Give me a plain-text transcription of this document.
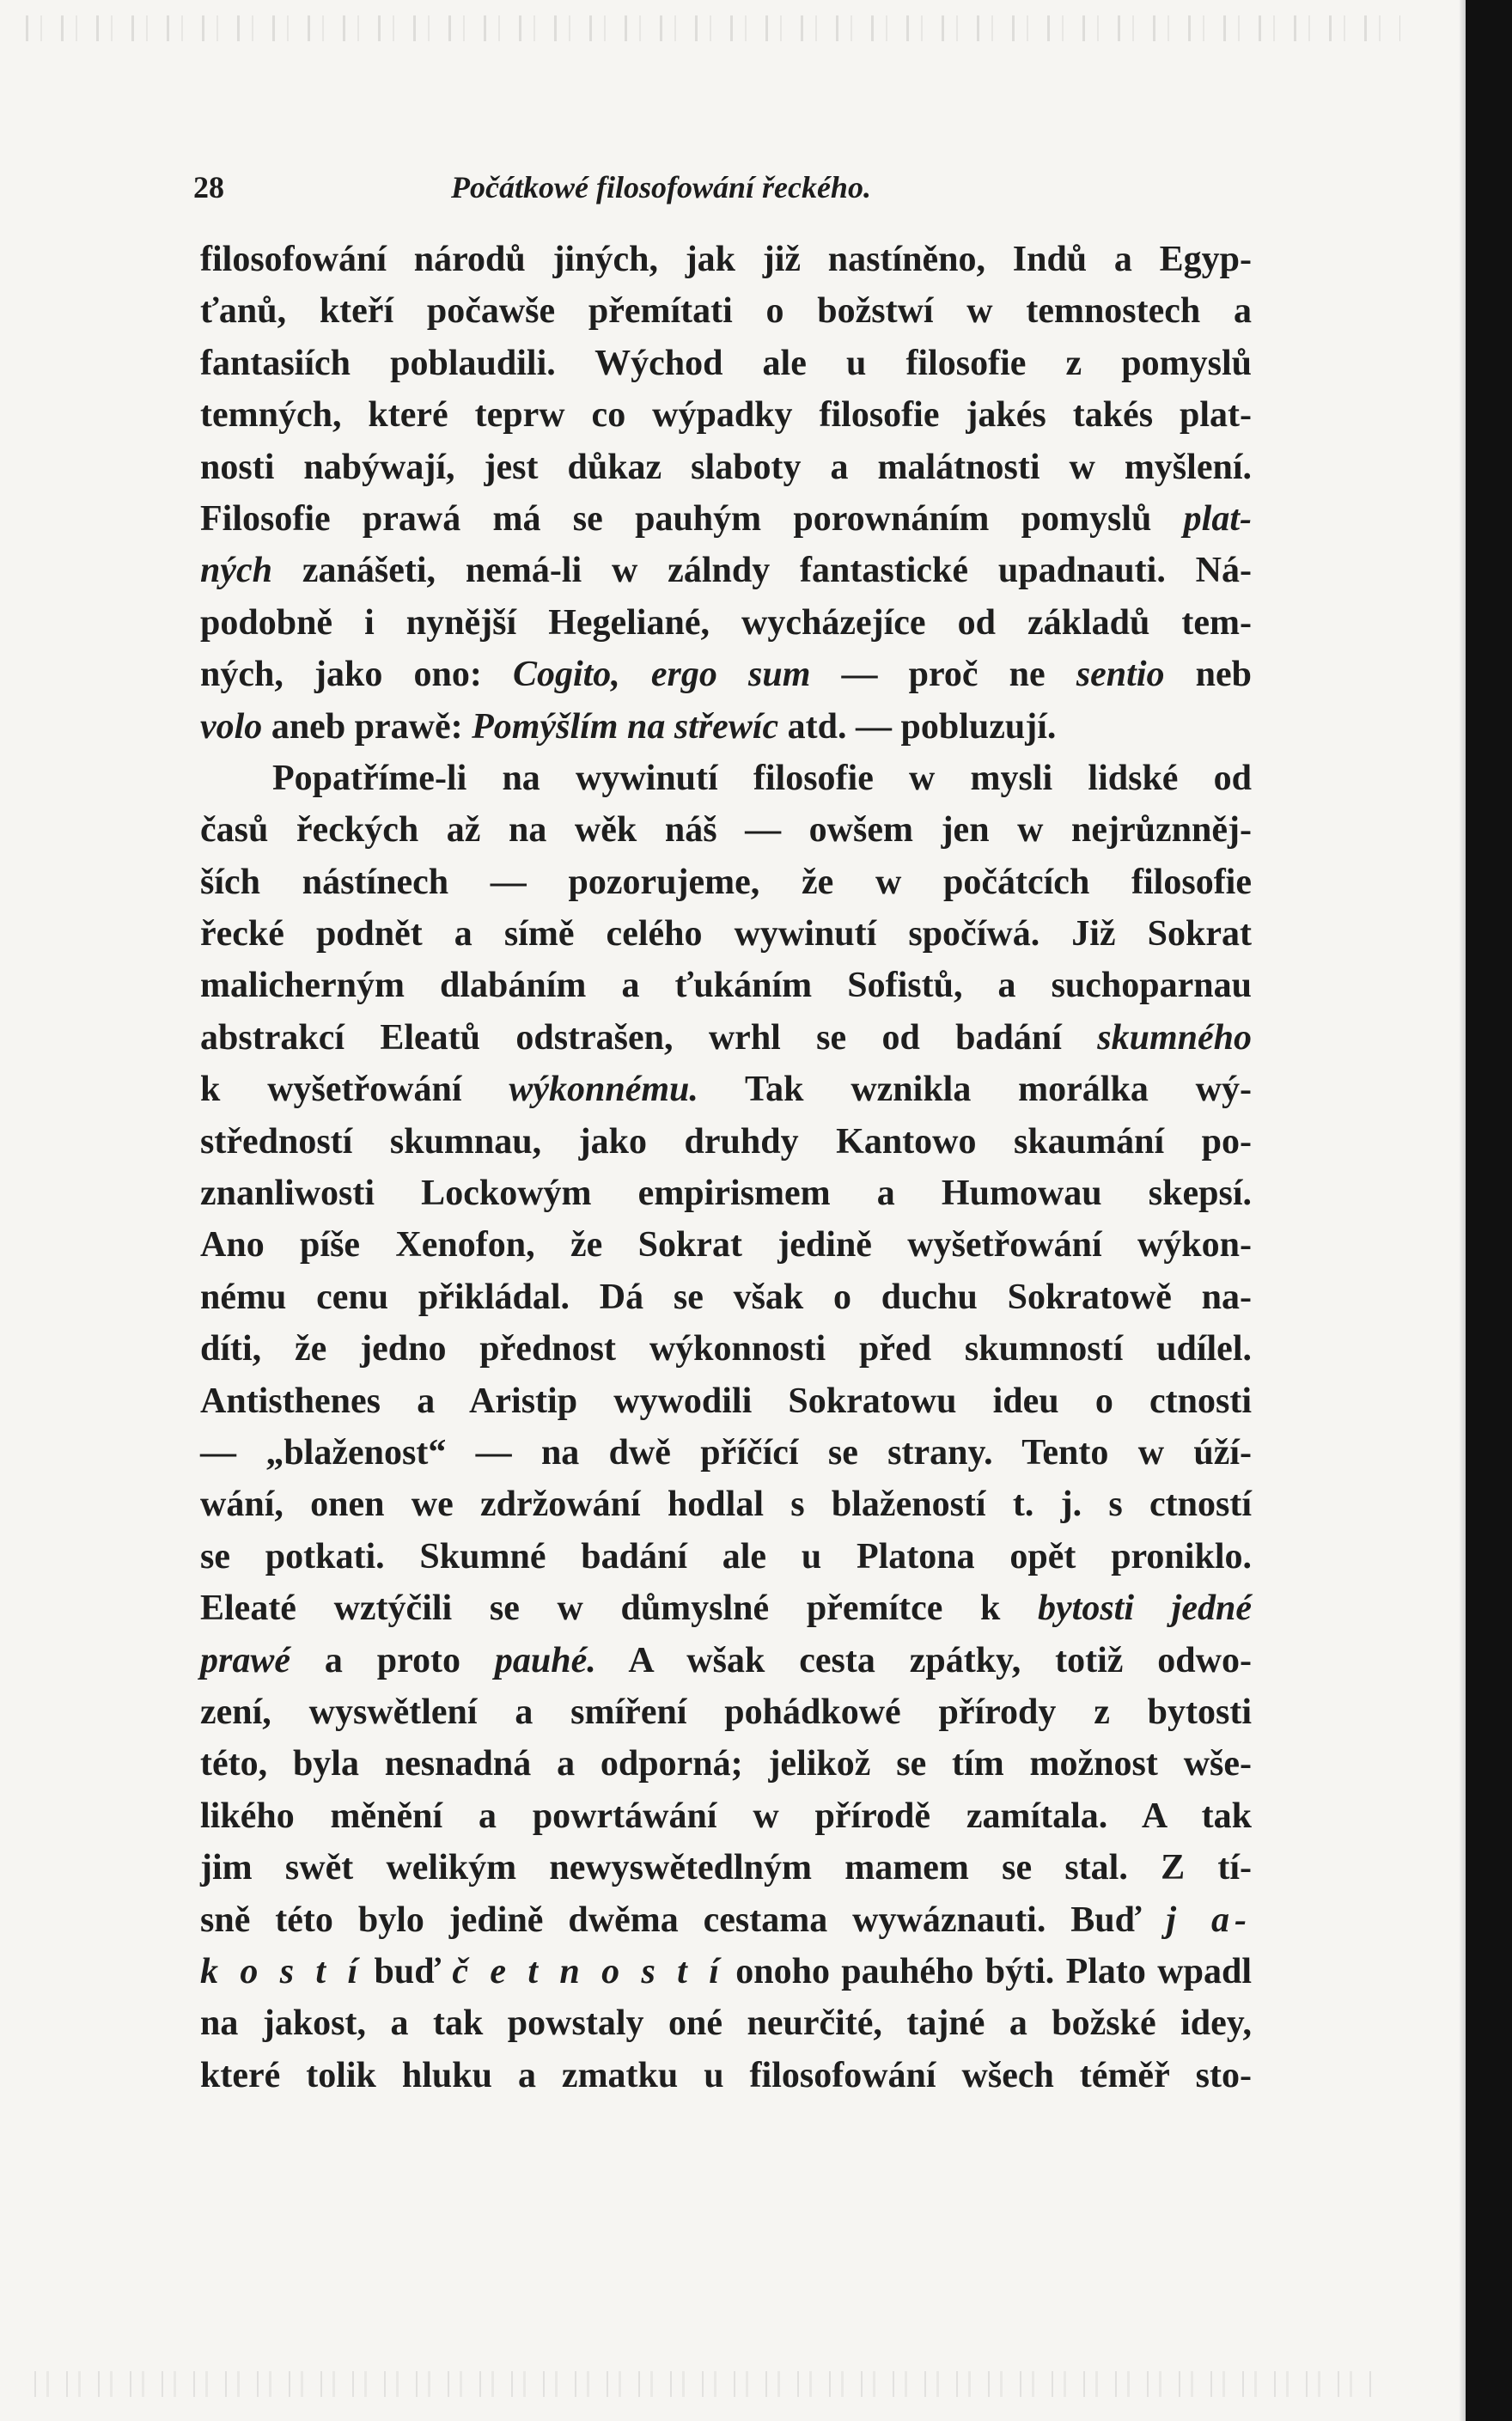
28	Počátkowé filosofowání řeckého.
filosofowání národů jiných, jak již nastíněno, Indů a Egyp-
ťanů, kteří počawše přemítati o božstwí w temnostech a
fantasiích poblaudili. Wýchod ale u filosofie z pomyslů
temných, které teprw co wýpadky filosofie jakés takés plat-
nosti nabýwají, jest důkaz slaboty a malátnosti w myšlení.
Filosofie prawá má se pauhým porownáním pomyslů plat-
ných zanášeti, nemá-li w zálndy fantastické upadnauti. Ná-
podobně i nynější Hegeliané, wycházejíce od základů tem-
ných, jako ono: Cogito, ergo sum — proč ne sentio neb
volo aneb prawě: Pomýšlím na střewíc atd. — pobluzují.
Popatříme-li na wywinutí filosofie w mysli lidské od
časů řeckých až na wěk náš — owšem jen w nejrůznněj-
ších nástínech — pozorujeme, že w počátcích filosofie
řecké podnět a símě celého wywinutí spočíwá. Již Sokrat
malicherným dlabáním a ťukáním Sofistů, a suchoparnau
abstrakcí Eleatů odstrašen, wrhl se od badání skumného
k wyšetřowání wýkonnému. Tak wznikla morálka wý-
středností skumnau, jako druhdy Kantowo skaumání po-
znanliwosti Lockowým empirismem a Humowau skepsí.
Ano píše Xenofon, že Sokrat jedině wyšetřowání wýkon-
nému cenu přikládal. Dá se však o duchu Sokratowě na-
díti, že jedno přednost wýkonnosti před skumností udílel.
Antisthenes a Aristip wywodili Sokratowu ideu o ctnosti
— „blaženost“ — na dwě příčící se strany. Tento w úží-
wání, onen we zdržowání hodlal s blažeností t. j. s ctností
se potkati. Skumné badání ale u Platona opět proniklo.
Eleaté wztýčili se w důmyslné přemítce k bytosti jedné
prawé a proto pauhé. A wšak cesta zpátky, totiž odwo-
zení, wyswětlení a smíření pohádkowé přírody z bytosti
této, byla nesnadná a odporná; jelikož se tím možnost wše-
likého měnění a powrtáwání w přírodě zamítala. A tak
jim swět welikým newyswětedlným mamem se stal. Z tí-
sně této bylo jedině dwěma cestama wywáznauti. Buď j a-
k o s t í buď č e t n o s t í onoho pauhého býti. Plato wpadl
na jakost, a tak powstaly oné neurčité, tajné a božské idey,
které tolik hluku a zmatku u filosofowání wšech téměř sto-
